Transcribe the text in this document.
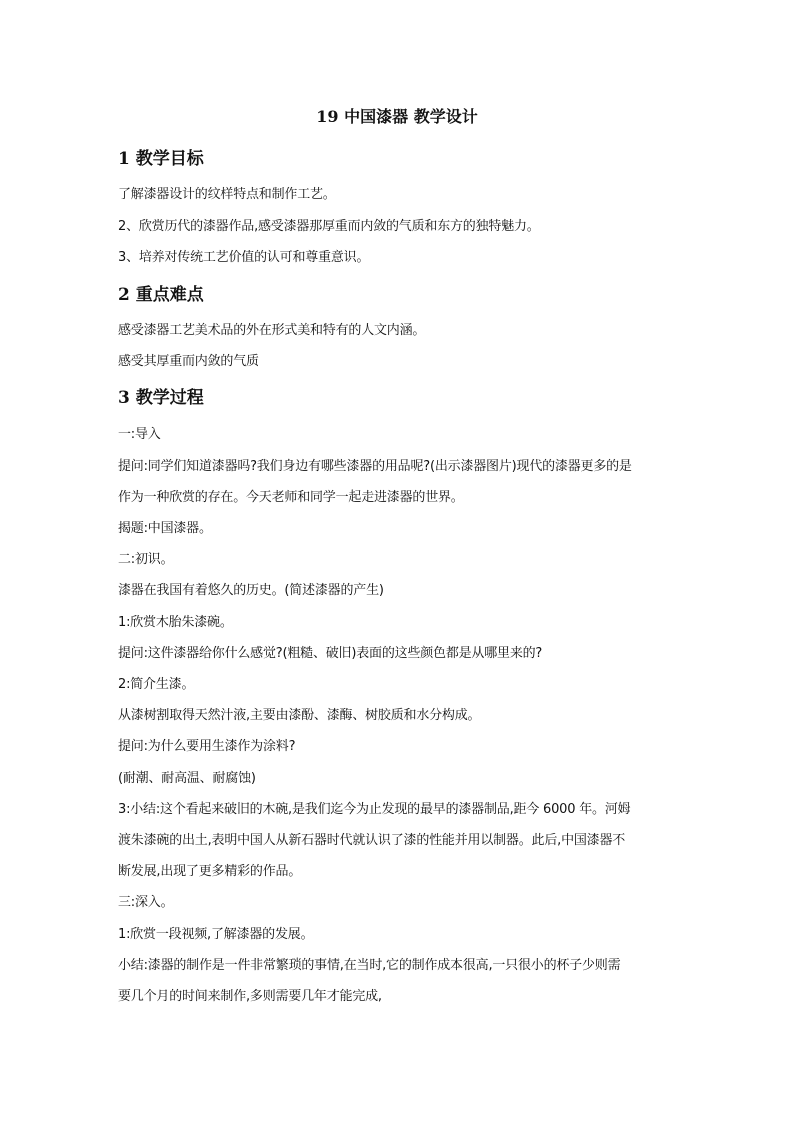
19 中国漆器 教学设计
1 教学目标
了解漆器设计的纹样特点和制作工艺。
2、欣赏历代的漆器作品,感受漆器那厚重而内敛的气质和东方的独特魅力。
3、培养对传统工艺价值的认可和尊重意识。
2 重点难点
感受漆器工艺美术品的外在形式美和特有的人文内涵。
感受其厚重而内敛的气质
3 教学过程
一:导入
提问:同学们知道漆器吗?我们身边有哪些漆器的用品呢?(出示漆器图片)现代的漆器更多的是
作为一种欣赏的存在。今天老师和同学一起走进漆器的世界。
揭题:中国漆器。
二:初识。
漆器在我国有着悠久的历史。(简述漆器的产生)
1:欣赏木胎朱漆碗。
提问:这件漆器给你什么感觉?(粗糙、破旧)表面的这些颜色都是从哪里来的?
2:简介生漆。
从漆树割取得天然汁液,主要由漆酚、漆酶、树胶质和水分构成。
提问:为什么要用生漆作为涂料?
(耐潮、耐高温、耐腐蚀)
3:小结:这个看起来破旧的木碗,是我们迄今为止发现的最早的漆器制品,距今 6000 年。河姆
渡朱漆碗的出土,表明中国人从新石器时代就认识了漆的性能并用以制器。此后,中国漆器不
断发展,出现了更多精彩的作品。
三:深入。
1:欣赏一段视频,了解漆器的发展。
小结:漆器的制作是一件非常繁琐的事情,在当时,它的制作成本很高,一只很小的杯子少则需
要几个月的时间来制作,多则需要几年才能完成,
